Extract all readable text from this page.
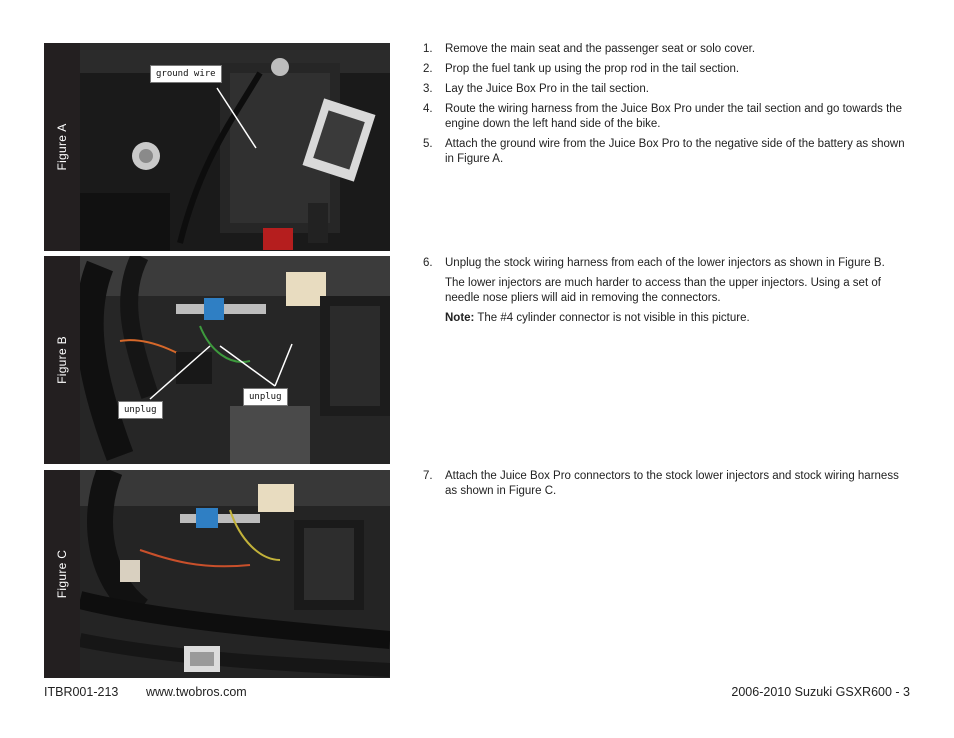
Figure A
ground wire
Figure B
unplug
unplug
Figure C
1. Remove the main seat and the passenger seat or solo cover.

2. Prop the fuel tank up using the prop rod in the tail section.

3. Lay the Juice Box Pro in the tail section.

4. Route the wiring harness from the Juice Box Pro under the tail section and go towards the engine down the left hand side of the bike.

5. Attach the ground wire from the Juice Box Pro to the negative side of the battery as shown in Figure A.

6. Unplug the stock wiring harness from each of the lower injectors as shown in Figure B.

The lower injectors are much harder to access than the upper injectors. Using a set of needle nose pliers will aid in removing the connectors.

Note: The #4 cylinder connector is not visible in this picture.

7. Attach the Juice Box Pro connectors to the stock lower injectors and stock wiring harness as shown in Figure C.

ITBR001-213 www.twobros.com	2006-2010 Suzuki GSXR600 - 3
